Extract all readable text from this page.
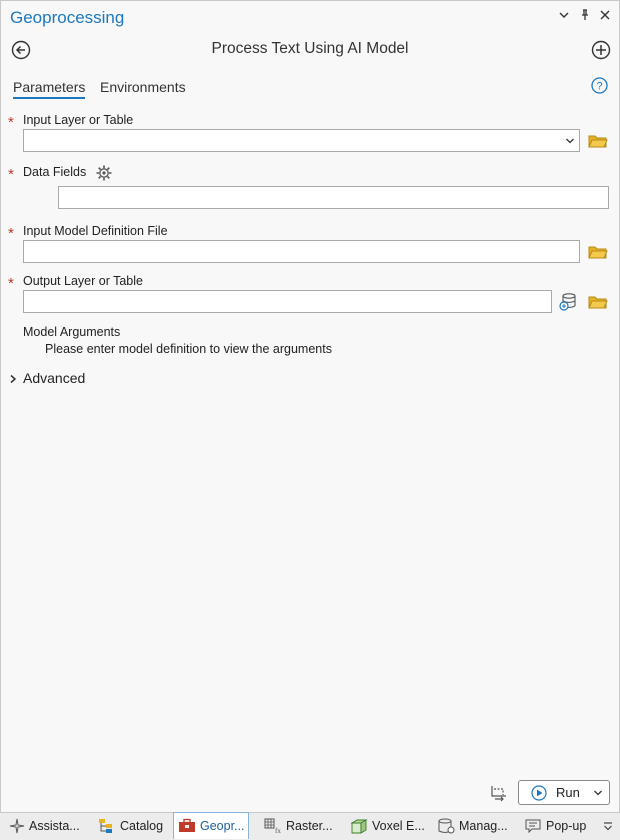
Geoprocessing
Process Text Using AI Model
Parameters Environments	?
* Input Layer or Table
* Data Fields
* Input Model Definition File
* Output Layer or Table
Model Arguments
Please enter model definition to view the arguments
Advanced
Run
Assista...	Catalog	Geopr...	fx Raster...	Voxel E...	Manag...	Pop-up
